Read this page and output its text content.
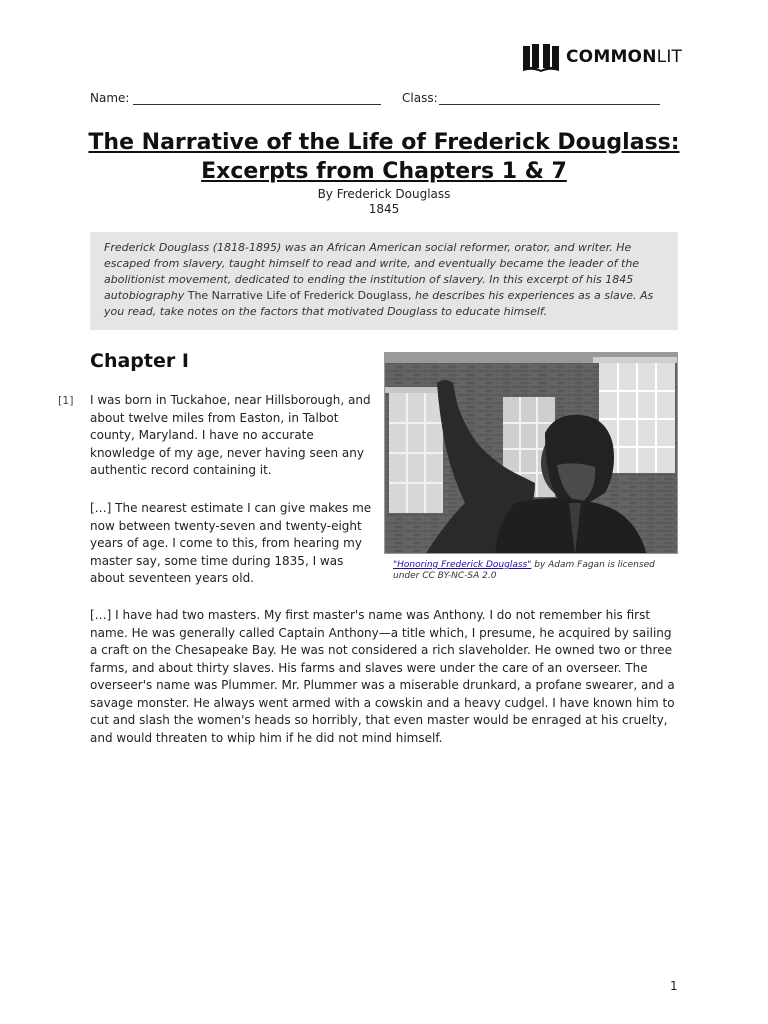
COMMONLIT
Name:	Class:
The Narrative of the Life of Frederick Douglass:
Excerpts from Chapters 1 & 7
By Frederick Douglass
1845
Frederick Douglass (1818-1895) was an African American social reformer, orator, and writer. He escaped from slavery, taught himself to read and write, and eventually became the leader of the abolitionist movement, dedicated to ending the institution of slavery. In this excerpt of his 1845 autobiography The Narrative Life of Frederick Douglass, he describes his experiences as a slave. As you read, take notes on the factors that motivated Douglass to educate himself.
Chapter I
[1] I was born in Tuckahoe, near Hillsborough, and about twelve miles from Easton, in Talbot county, Maryland. I have no accurate knowledge of my age, never having seen any authentic record containing it.

[…] The nearest estimate I can give makes me now between twenty-seven and twenty-eight years of age. I come to this, from hearing my master say, some time during 1835, I was about seventeen years old.

[…] I have had two masters. My first master's name was Anthony. I do not remember his first name. He was generally called Captain Anthony—a title which, I presume, he acquired by sailing a craft on the Chesapeake Bay. He was not considered a rich slaveholder. He owned two or three farms, and about thirty slaves. His farms and slaves were under the care of an overseer. The overseer's name was Plummer. Mr. Plummer was a miserable drunkard, a profane swearer, and a savage monster. He always went armed with a cowskin and a heavy cudgel. I have known him to cut and slash the women's heads so horribly, that even master would be enraged at his cruelty, and would threaten to whip him if he did not mind himself.

"Honoring Frederick Douglass" by Adam Fagan is licensed under CC BY-NC-SA 2.0
1
